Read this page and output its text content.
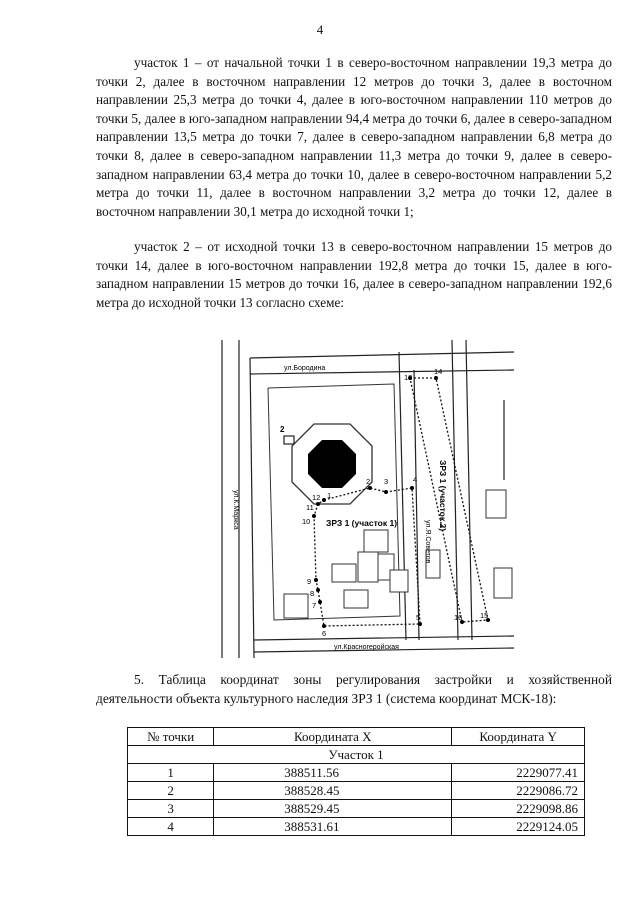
4

участок 1 – от начальной точки 1 в северо-восточном направлении 19,3 метра до точки 2, далее в восточном направлении 12 метров до точки 3, далее в восточном направлении 25,3 метра до точки 4, далее в юго-восточном направлении 110 метров до точки 5, далее в юго-западном направлении 94,4 метра до точки 6, далее в северо-западном направлении 13,5 метра до точки 7, далее в северо-западном направлении 6,8 метра до точки 8, далее в северо-западном направлении 11,3 метра до точки 9, далее в северо-западном направлении 63,4 метра до точки 10, далее в северо-восточном направлении 5,2 метра до точки 11, далее в восточном направлении 3,2 метра до точки 12, далее в восточном направлении 30,1 метра до исходной точки 1;

участок 2 – от исходной точки 13 в северо-восточном направлении 15 метров до точки 14, далее в юго-восточном направлении 192,8 метра до точки 15, далее в юго-западном направлении 15 метров до точки 16, далее в северо-западном направлении 192,6 метра до исходной точки 13 согласно схеме:

1
2 3	4
5
6
7
8
9
10
11
12
13
14
15
16
2
ул.Бородина
ул.К.Маркса
ул.Я.Советов
ул.Красногеройская
ЗРЗ 1 (участок 1)	ЗРЗ 1 (участок 2)

5. Таблица координат зоны регулирования застройки и хозяйственной деятельности объекта культурного наследия ЗРЗ 1 (система координат МСК-18):

№ точки	Координата X	Координата Y
Участок 1		
1	388511.56	2229077.41
2	388528.45	2229086.72
3	388529.45	2229098.86
4	388531.61	2229124.05
